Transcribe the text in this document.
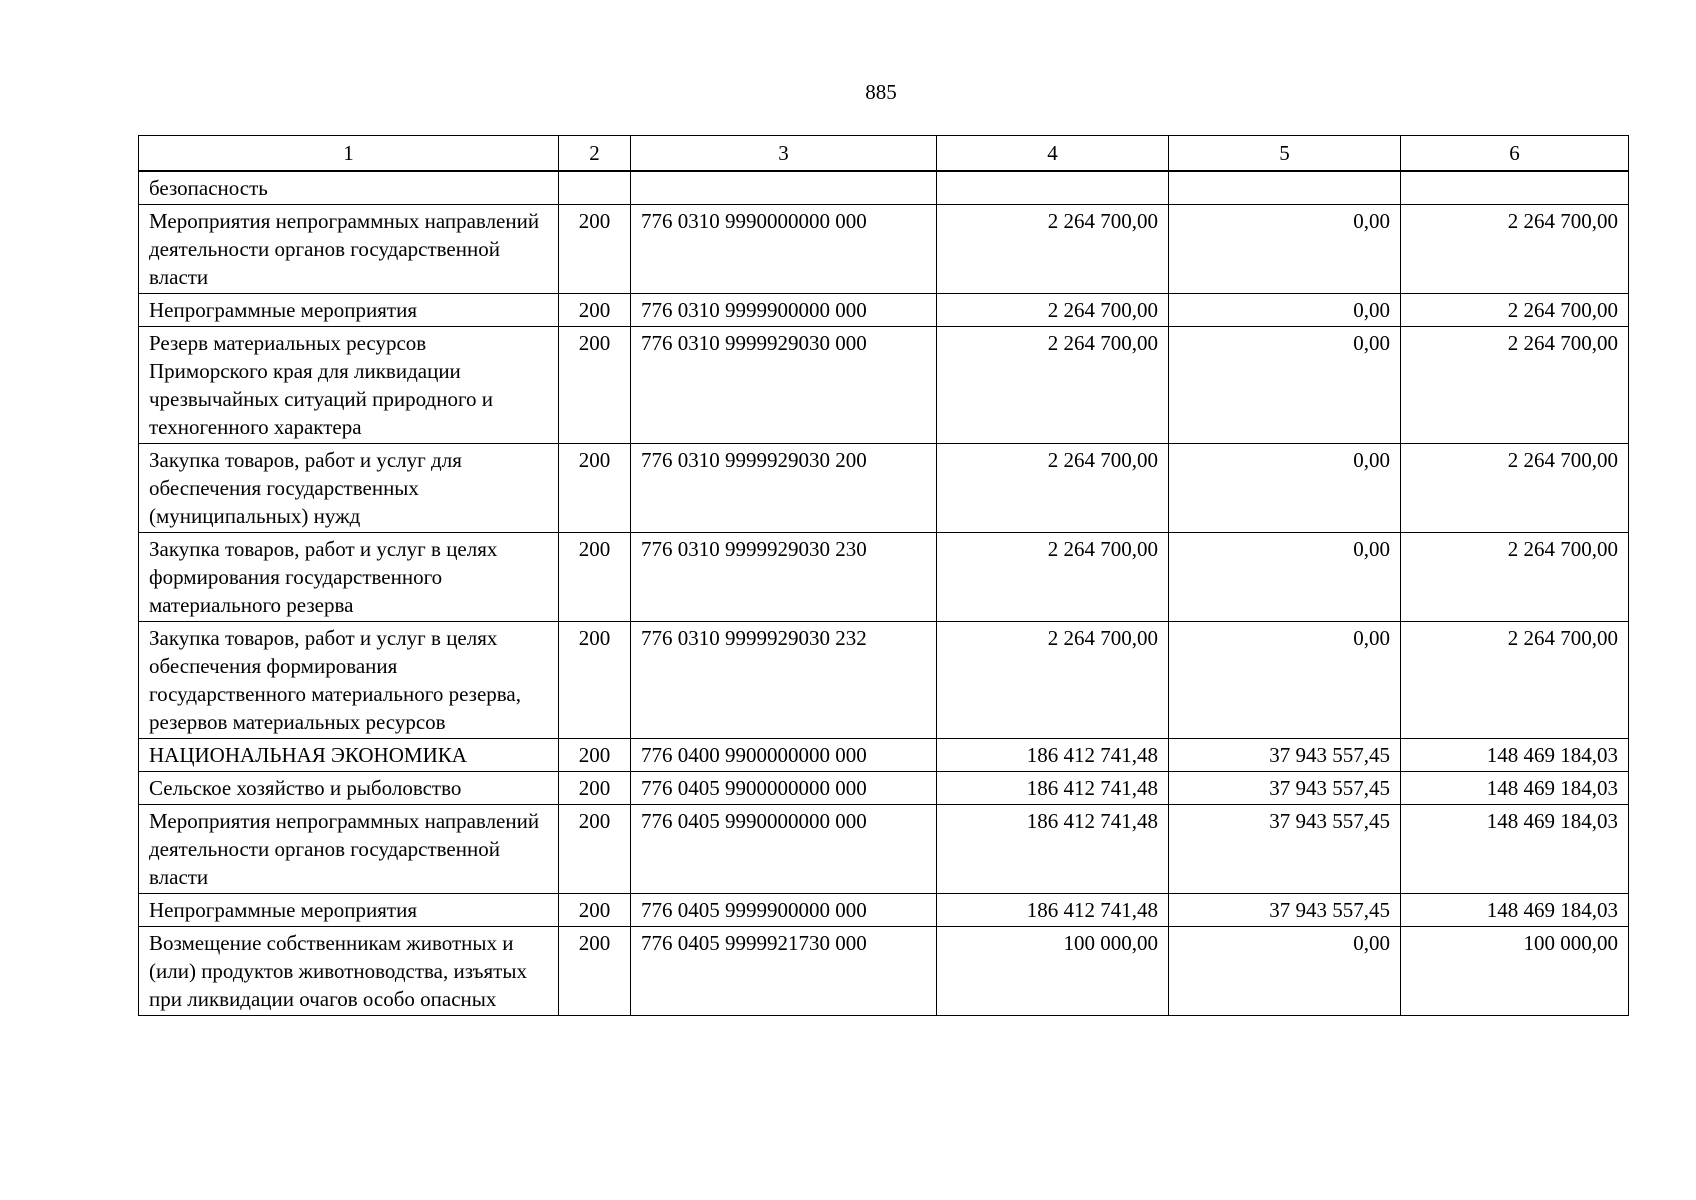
885
1	2	3	4	5	6
безопасность					
Мероприятия непрограммных направлений деятельности органов государственной власти	200	776 0310 9990000000 000	2 264 700,00	0,00	2 264 700,00
Непрограммные мероприятия	200	776 0310 9999900000 000	2 264 700,00	0,00	2 264 700,00
Резерв материальных ресурсов Приморского края для ликвидации чрезвычайных ситуаций природного и техногенного характера	200	776 0310 9999929030 000	2 264 700,00	0,00	2 264 700,00
Закупка товаров, работ и услуг для обеспечения государственных (муниципальных) нужд	200	776 0310 9999929030 200	2 264 700,00	0,00	2 264 700,00
Закупка товаров, работ и услуг в целях формирования государственного материального резерва	200	776 0310 9999929030 230	2 264 700,00	0,00	2 264 700,00
Закупка товаров, работ и услуг в целях обеспечения формирования государственного материального резерва, резервов материальных ресурсов	200	776 0310 9999929030 232	2 264 700,00	0,00	2 264 700,00
НАЦИОНАЛЬНАЯ ЭКОНОМИКА	200	776 0400 9900000000 000	186 412 741,48	37 943 557,45	148 469 184,03
Сельское хозяйство и рыболовство	200	776 0405 9900000000 000	186 412 741,48	37 943 557,45	148 469 184,03
Мероприятия непрограммных направлений деятельности органов государственной власти	200	776 0405 9990000000 000	186 412 741,48	37 943 557,45	148 469 184,03
Непрограммные мероприятия	200	776 0405 9999900000 000	186 412 741,48	37 943 557,45	148 469 184,03
Возмещение собственникам животных и (или) продуктов животноводства, изъятых при ликвидации очагов особо опасных	200	776 0405 9999921730 000	100 000,00	0,00	100 000,00
